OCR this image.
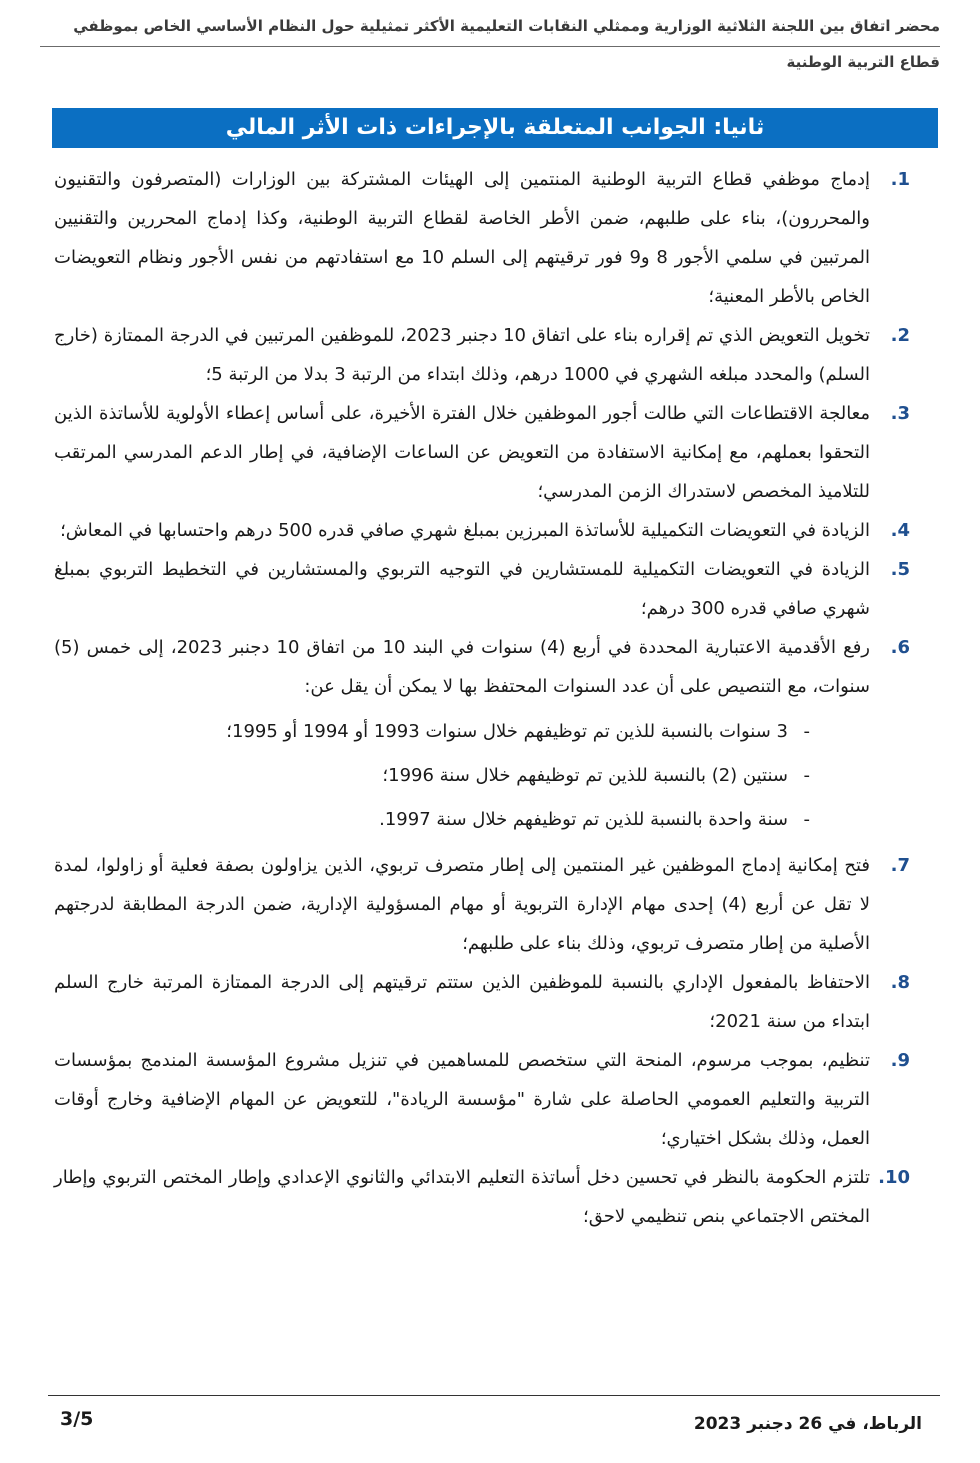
محضر اتفاق بين اللجنة الثلاثية الوزارية وممثلي النقابات التعليمية الأكثر تمثيلية حول النظام الأساسي الخاص بموظفي قطاع التربية الوطنية
ثانيا: الجوانب المتعلقة بالإجراءات ذات الأثر المالي
1.
إدماج موظفي قطاع التربية الوطنية المنتمين إلى الهيئات المشتركة بين الوزارات (المتصرفون والتقنيون والمحررون)، بناء على طلبهم، ضمن الأطر الخاصة لقطاع التربية الوطنية، وكذا إدماج المحررين والتقنيين المرتبين في سلمي الأجور 8 و9 فور ترقيتهم إلى السلم 10 مع استفادتهم من نفس الأجور ونظام التعويضات الخاص بالأطر المعنية؛
2.
تخويل التعويض الذي تم إقراره بناء على اتفاق 10 دجنبر 2023، للموظفين المرتبين في الدرجة الممتازة (خارج السلم) والمحدد مبلغه الشهري في 1000 درهم، وذلك ابتداء من الرتبة 3 بدلا من الرتبة 5؛
3.
معالجة الاقتطاعات التي طالت أجور الموظفين خلال الفترة الأخيرة، على أساس إعطاء الأولوية للأساتذة الذين التحقوا بعملهم، مع إمكانية الاستفادة من التعويض عن الساعات الإضافية، في إطار الدعم المدرسي المرتقب للتلاميذ المخصص لاستدراك الزمن المدرسي؛
4.
الزيادة في التعويضات التكميلية للأساتذة المبرزين بمبلغ شهري صافي قدره 500 درهم واحتسابها في المعاش؛
5.
الزيادة في التعويضات التكميلية للمستشارين في التوجيه التربوي والمستشارين في التخطيط التربوي بمبلغ شهري صافي قدره 300 درهم؛
6.
رفع الأقدمية الاعتبارية المحددة في أربع (4) سنوات في البند 10 من اتفاق 10 دجنبر 2023، إلى خمس (5) سنوات، مع التنصيص على أن عدد السنوات المحتفظ بها لا يمكن أن يقل عن:
- 3 سنوات بالنسبة للذين تم توظيفهم خلال سنوات 1993 أو 1994 أو 1995؛
- سنتين (2) بالنسبة للذين تم توظيفهم خلال سنة 1996؛
- سنة واحدة بالنسبة للذين تم توظيفهم خلال سنة 1997.
7.
فتح إمكانية إدماج الموظفين غير المنتمين إلى إطار متصرف تربوي، الذين يزاولون بصفة فعلية أو زاولوا، لمدة لا تقل عن أربع (4) إحدى مهام الإدارة التربوية أو مهام المسؤولية الإدارية، ضمن الدرجة المطابقة لدرجتهم الأصلية من إطار متصرف تربوي، وذلك بناء على طلبهم؛
8.
الاحتفاظ بالمفعول الإداري بالنسبة للموظفين الذين ستتم ترقيتهم إلى الدرجة الممتازة المرتبة خارج السلم ابتداء من سنة 2021؛
9.
تنظيم، بموجب مرسوم، المنحة التي ستخصص للمساهمين في تنزيل مشروع المؤسسة المندمج بمؤسسات التربية والتعليم العمومي الحاصلة على شارة "مؤسسة الريادة"، للتعويض عن المهام الإضافية وخارج أوقات العمل، وذلك بشكل اختياري؛
10.
تلتزم الحكومة بالنظر في تحسين دخل أساتذة التعليم الابتدائي والثانوي الإعدادي وإطار المختص التربوي وإطار المختص الاجتماعي بنص تنظيمي لاحق؛
الرباط، في 26 دجنبر 2023
3/5
